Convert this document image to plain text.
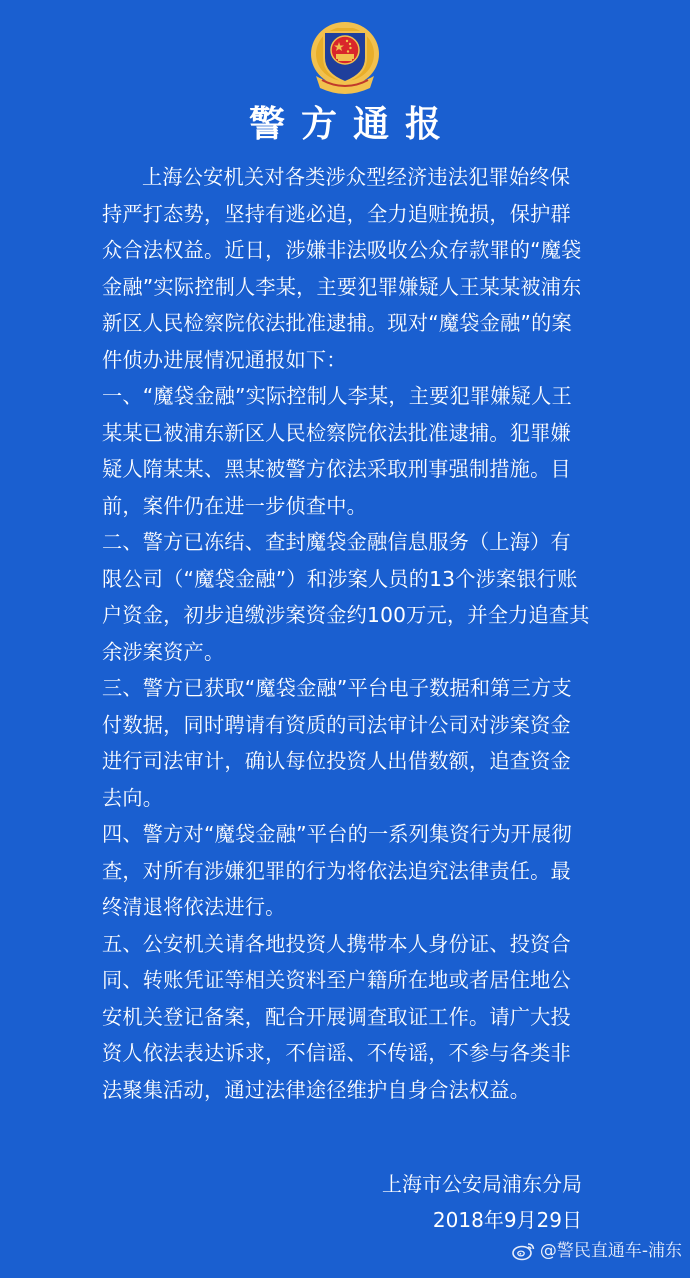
警方通报

上海公安机关对各类涉众型经济违法犯罪始终保持严打态势，坚持有逃必追，全力追赃挽损，保护群众合法权益。近日，涉嫌非法吸收公众存款罪的“魔袋金融”实际控制人李某，主要犯罪嫌疑人王某某被浦东新区人民检察院依法批准逮捕。现对“魔袋金融”的案件侦办进展情况通报如下：

一、“魔袋金融”实际控制人李某，主要犯罪嫌疑人王某某已被浦东新区人民检察院依法批准逮捕。犯罪嫌疑人隋某某、黑某被警方依法采取刑事强制措施。目前，案件仍在进一步侦查中。

二、警方已冻结、查封魔袋金融信息服务（上海）有限公司（“魔袋金融”）和涉案人员的13个涉案银行账户资金，初步追缴涉案资金约100万元，并全力追查其余涉案资产。

三、警方已获取“魔袋金融”平台电子数据和第三方支付数据，同时聘请有资质的司法审计公司对涉案资金进行司法审计，确认每位投资人出借数额，追查资金去向。

四、警方对“魔袋金融”平台的一系列集资行为开展彻查，对所有涉嫌犯罪的行为将依法追究法律责任。最终清退将依法进行。

五、公安机关请各地投资人携带本人身份证、投资合同、转账凭证等相关资料至户籍所在地或者居住地公安机关登记备案，配合开展调查取证工作。请广大投资人依法表达诉求，不信谣、不传谣，不参与各类非法聚集活动，通过法律途径维护自身合法权益。

上海市公安局浦东分局
2018年9月29日
@警民直通车-浦东
